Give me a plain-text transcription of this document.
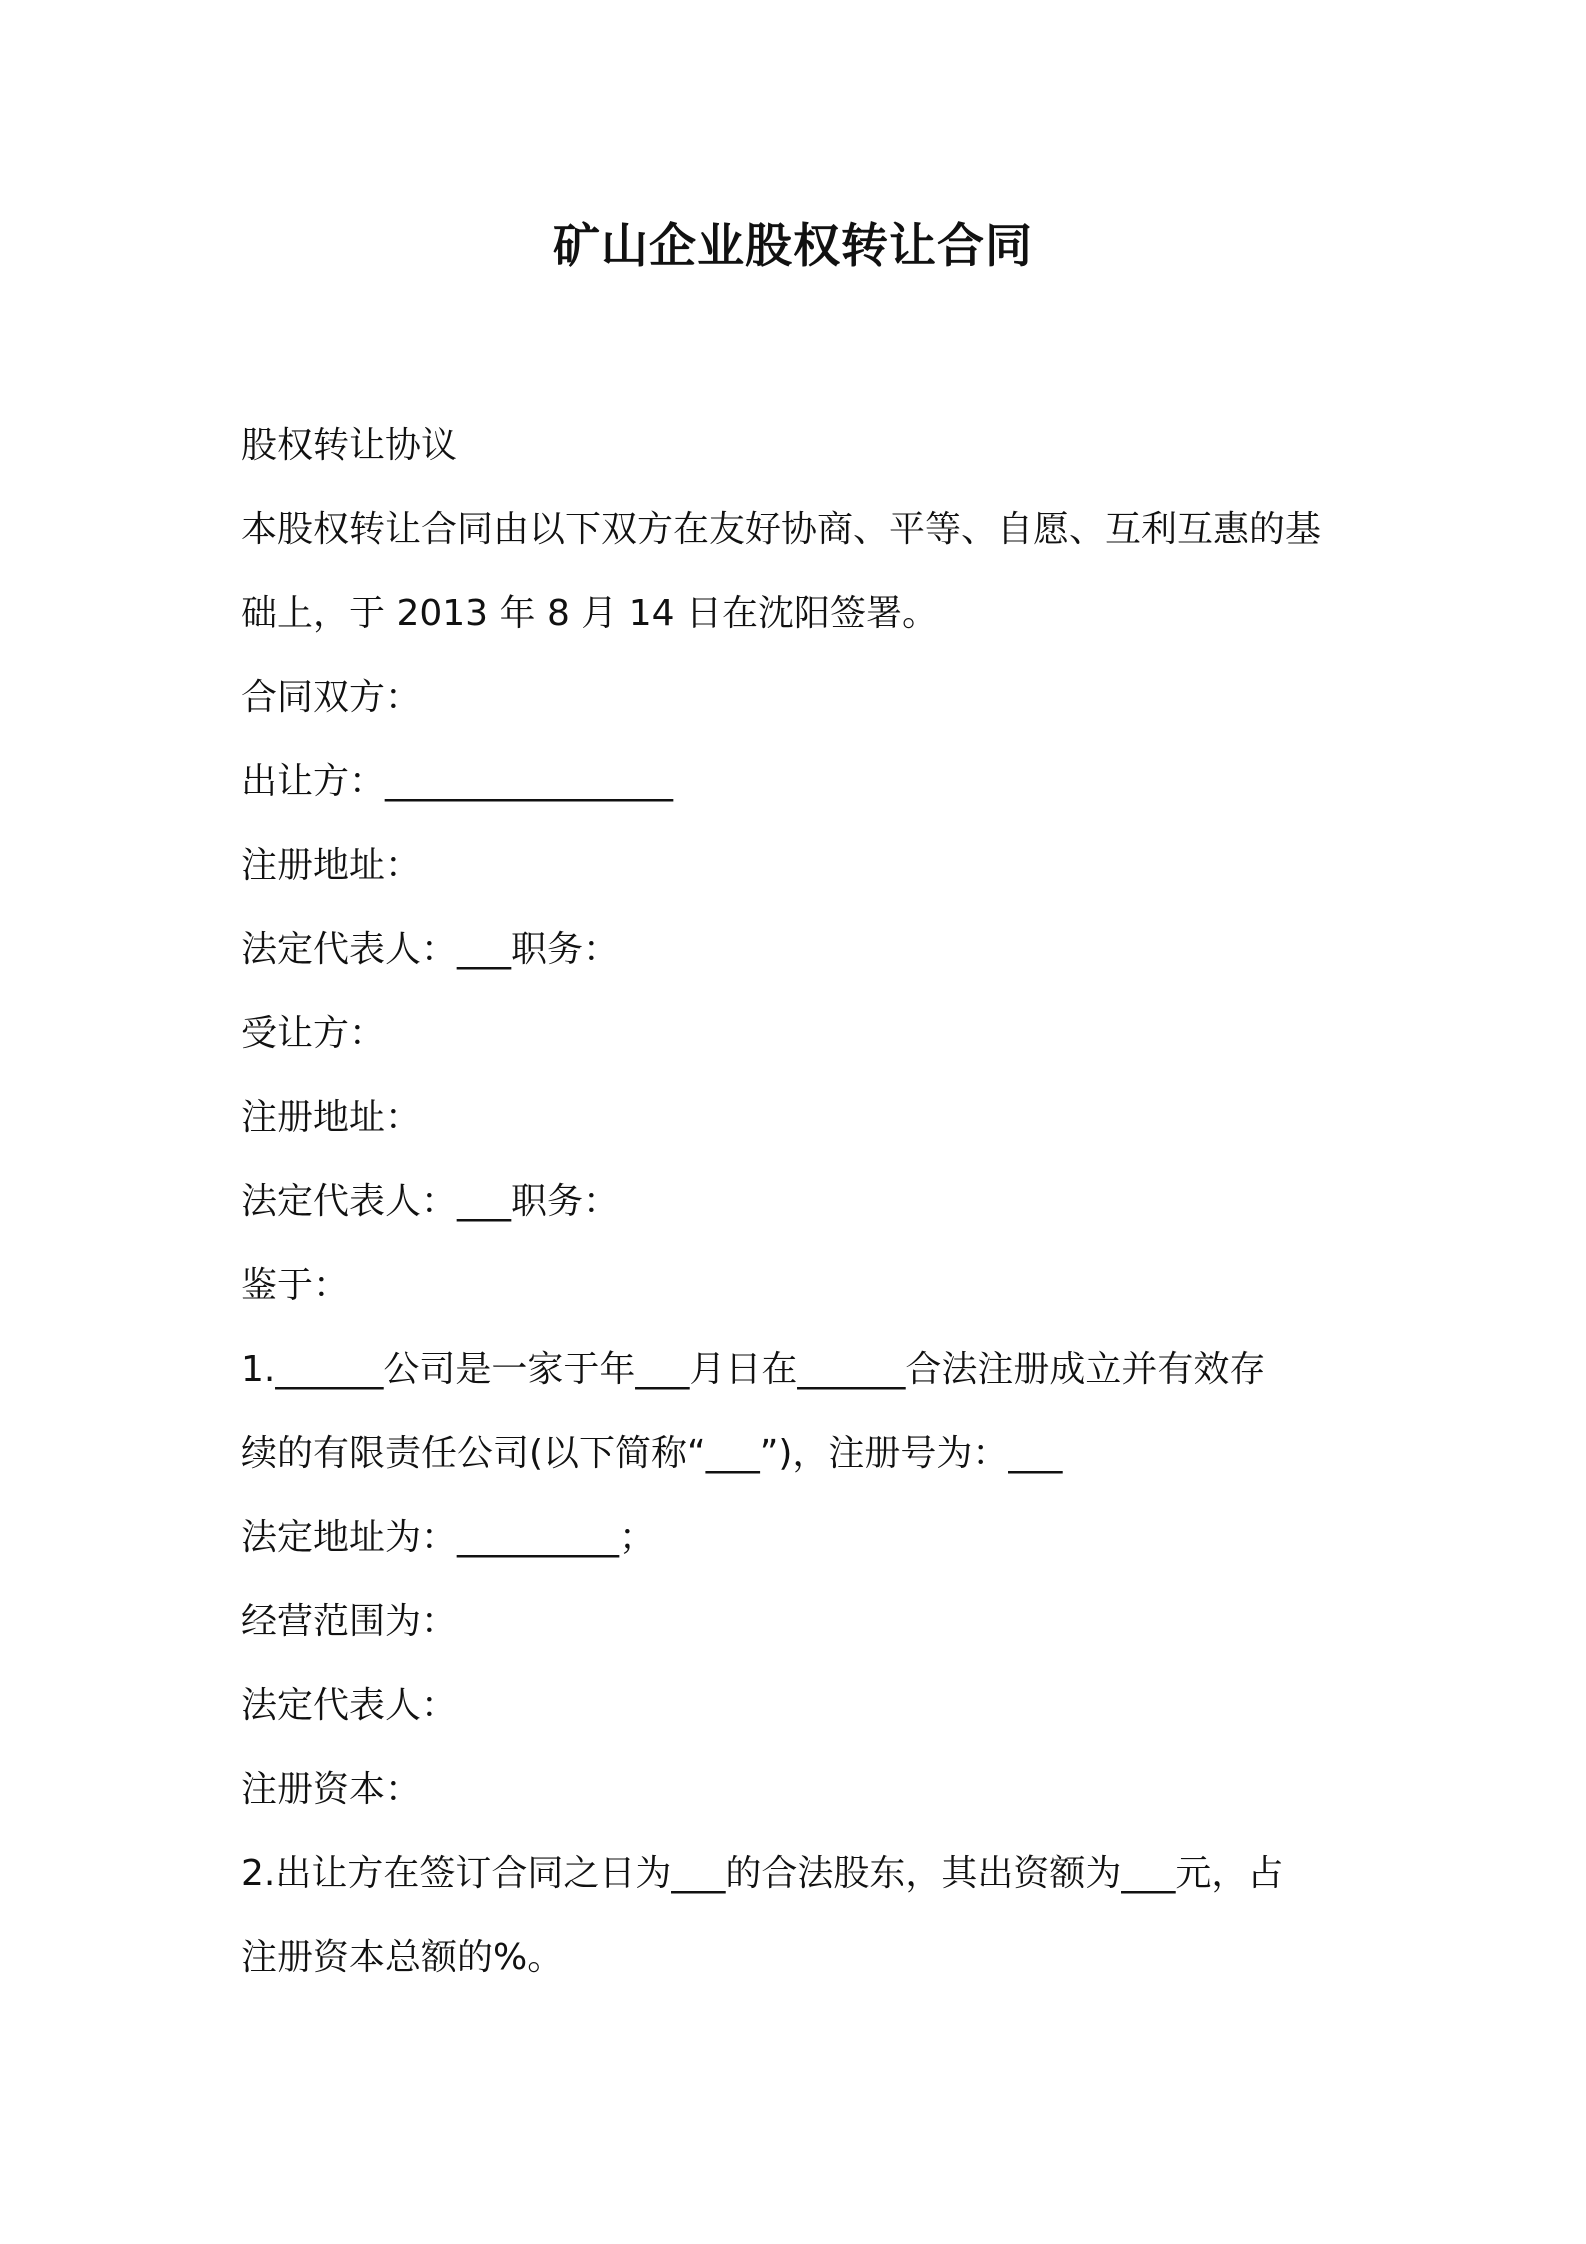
矿山企业股权转让合同
股权转让协议
本股权转让合同由以下双方在友好协商、平等、自愿、互利互惠的基
础上，于 2013 年 8 月 14 日在沈阳签署。
合同双方：
出让方：________________
注册地址：
法定代表人：___职务：
受让方：
注册地址：
法定代表人：___职务：
鉴于：
1.______公司是一家于年___月日在______合法注册成立并有效存
续的有限责任公司(以下简称“___”)，注册号为：___
法定地址为：_________；
经营范围为：
法定代表人：
注册资本：
2.出让方在签订合同之日为___的合法股东，其出资额为___元，占
注册资本总额的%。
